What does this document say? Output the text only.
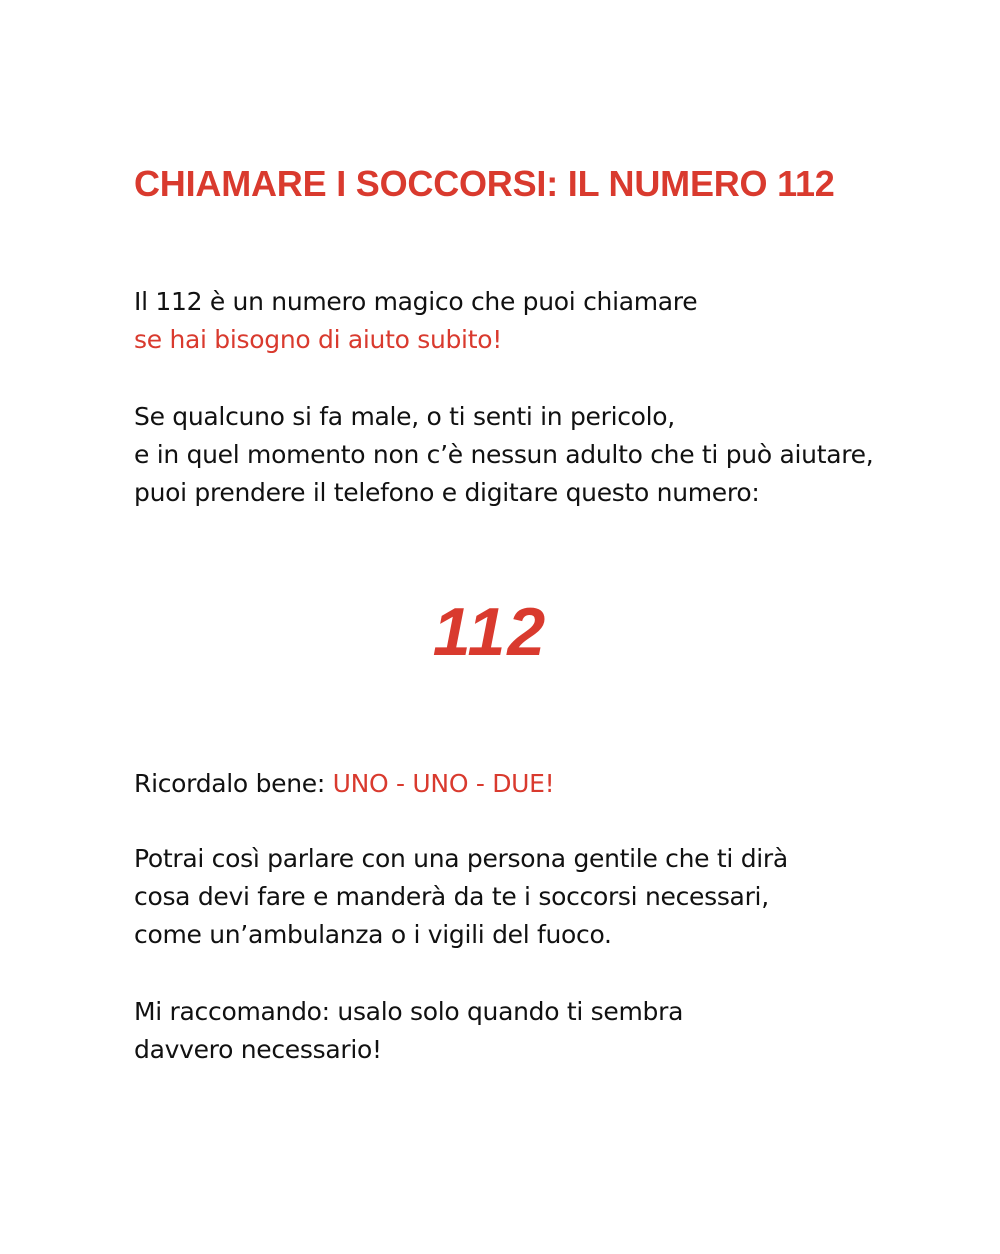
CHIAMARE I SOCCORSI: IL NUMERO 112
Il 112 è un numero magico che puoi chiamare
se hai bisogno di aiuto subito!
Se qualcuno si fa male, o ti senti in pericolo,
e in quel momento non c’è nessun adulto che ti può aiutare,
puoi prendere il telefono e digitare questo numero:
112
Ricordalo bene: UNO - UNO - DUE!
Potrai così parlare con una persona gentile che ti dirà
cosa devi fare e manderà da te i soccorsi necessari,
come un’ambulanza o i vigili del fuoco.
Mi raccomando: usalo solo quando ti sembra
davvero necessario!
